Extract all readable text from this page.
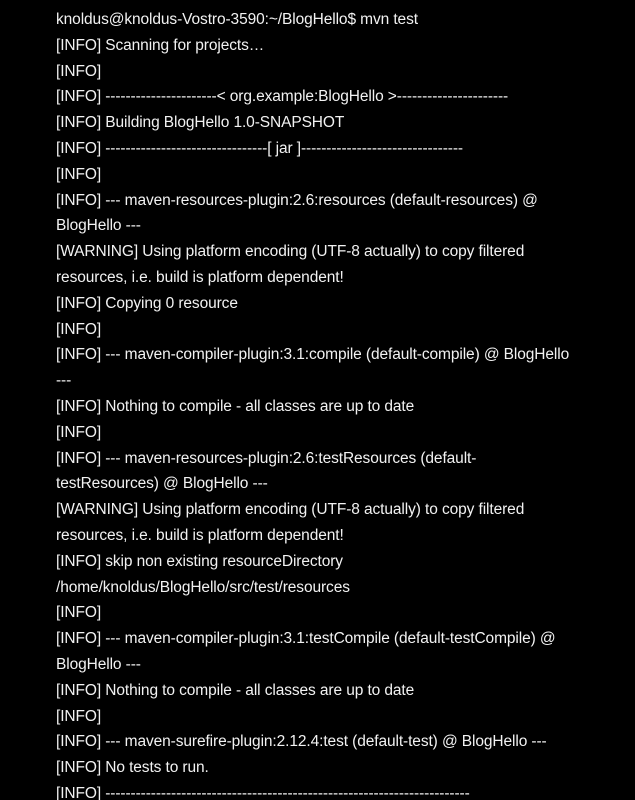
knoldus@knoldus-Vostro-3590:~/BlogHello$ mvn test
[INFO] Scanning for projects…
[INFO]
[INFO] ----------------------< org.example:BlogHello >----------------------
[INFO] Building BlogHello 1.0-SNAPSHOT
[INFO] --------------------------------[ jar ]--------------------------------
[INFO]
[INFO] --- maven-resources-plugin:2.6:resources (default-resources) @
BlogHello ---
[WARNING] Using platform encoding (UTF-8 actually) to copy filtered
resources, i.e. build is platform dependent!
[INFO] Copying 0 resource
[INFO]
[INFO] --- maven-compiler-plugin:3.1:compile (default-compile) @ BlogHello
---
[INFO] Nothing to compile - all classes are up to date
[INFO]
[INFO] --- maven-resources-plugin:2.6:testResources (default-
testResources) @ BlogHello ---
[WARNING] Using platform encoding (UTF-8 actually) to copy filtered
resources, i.e. build is platform dependent!
[INFO] skip non existing resourceDirectory
/home/knoldus/BlogHello/src/test/resources
[INFO]
[INFO] --- maven-compiler-plugin:3.1:testCompile (default-testCompile) @
BlogHello ---
[INFO] Nothing to compile - all classes are up to date
[INFO]
[INFO] --- maven-surefire-plugin:2.12.4:test (default-test) @ BlogHello ---
[INFO] No tests to run.
[INFO] ------------------------------------------------------------------------
